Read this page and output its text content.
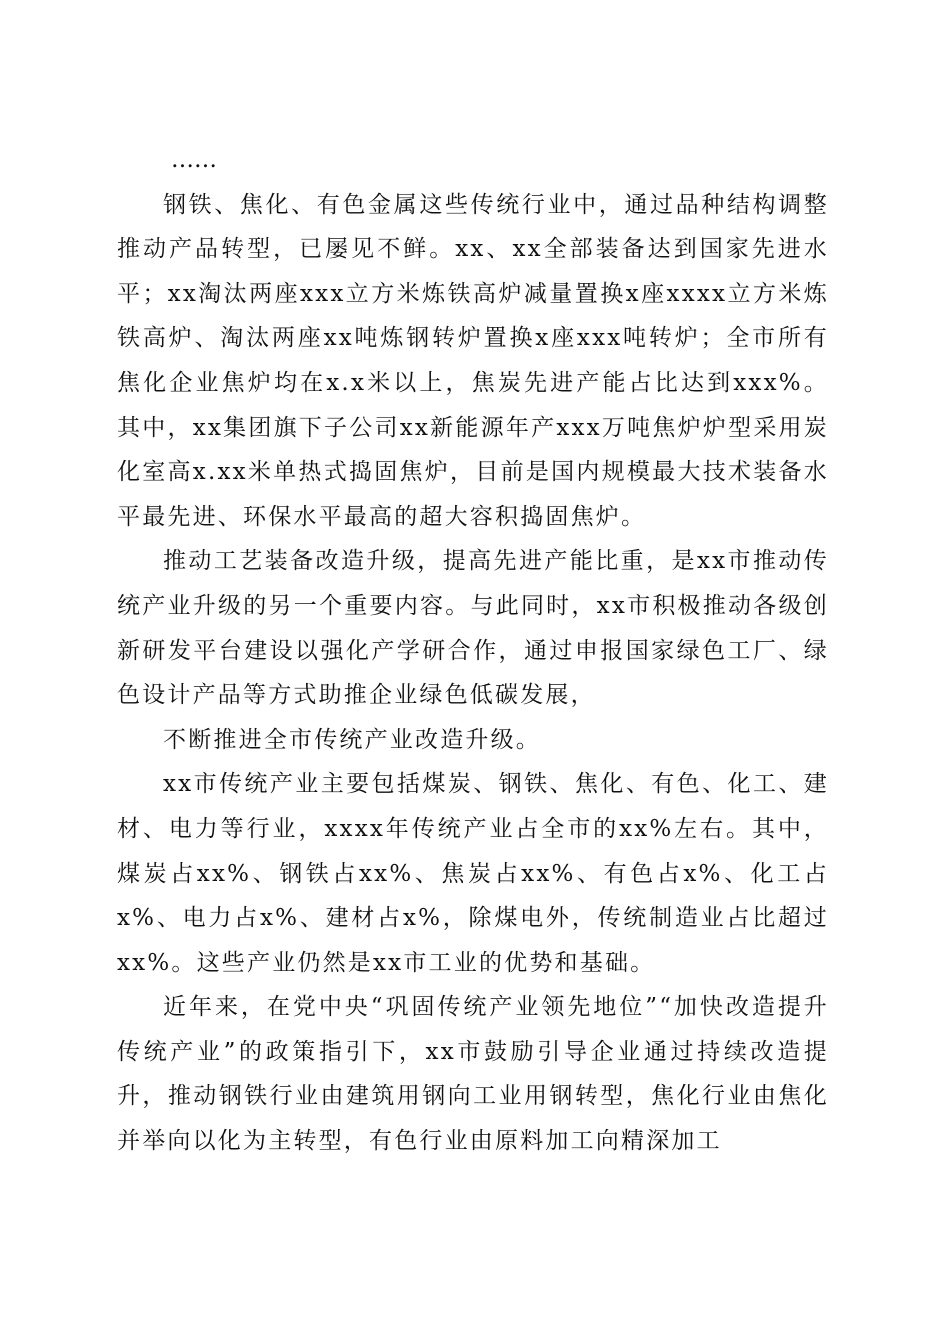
……

钢铁、焦化、有色金属这些传统行业中，通过品种结构调整推动产品转型，已屡见不鲜。xx、xx全部装备达到国家先进水平；xx淘汰两座xxx立方米炼铁高炉减量置换x座xxxx立方米炼铁高炉、淘汰两座xx吨炼钢转炉置换x座xxx吨转炉；全市所有焦化企业焦炉均在x.x米以上，焦炭先进产能占比达到xxx%。其中，xx集团旗下子公司xx新能源年产xxx万吨焦炉炉型采用炭化室高x.xx米单热式捣固焦炉，目前是国内规模最大技术装备水平最先进、环保水平最高的超大容积捣固焦炉。

推动工艺装备改造升级，提高先进产能比重，是xx市推动传统产业升级的另一个重要内容。与此同时，xx市积极推动各级创新研发平台建设以强化产学研合作，通过申报国家绿色工厂、绿色设计产品等方式助推企业绿色低碳发展，

不断推进全市传统产业改造升级。

xx市传统产业主要包括煤炭、钢铁、焦化、有色、化工、建材、电力等行业，xxxx年传统产业占全市的xx%左右。其中，煤炭占xx%、钢铁占xx%、焦炭占xx%、有色占x%、化工占x%、电力占x%、建材占x%，除煤电外，传统制造业占比超过xx%。这些产业仍然是xx市工业的优势和基础。

近年来，在党中央“巩固传统产业领先地位”“加快改造提升传统产业”的政策指引下，xx市鼓励引导企业通过持续改造提升，推动钢铁行业由建筑用钢向工业用钢转型，焦化行业由焦化并举向以化为主转型，有色行业由原料加工向精深加工
